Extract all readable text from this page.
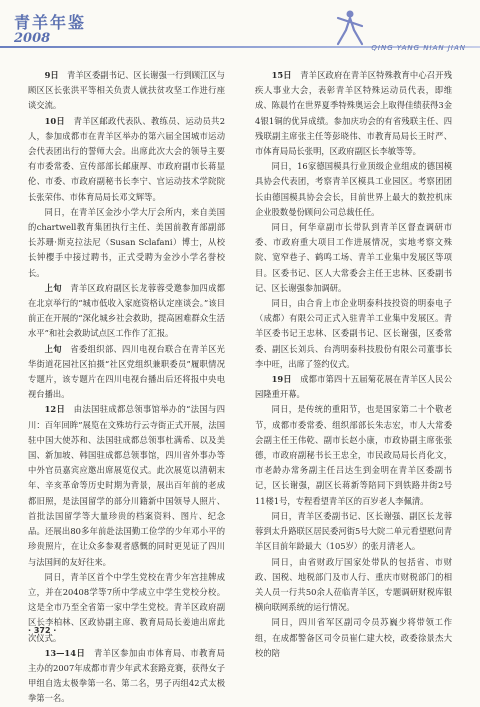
青羊年鉴
2008
QING YANG NIAN JIAN

9日　 青羊区委副书记、区长谢强一行到顾江区与顾区区长张洪平等相关负责人就扶贫攻坚工作进行座谈交流。

10日　 青羊区邮政代表队、教练员、运动员共2人，参加成都市在青羊区举办的第六届全国城市运动会代表团出行的誓师大会。出席此次大会的领导主要有市委常委、宣传部部长邮康厚、市政府副市长蒋显伦、市委、市政府副秘书长李宁、官运动技术学院院长张荣伟、市体育局局长邓文辉等。

同日，在青羊区金沙小学大厅会所内，来自美国的chartwell教育集团执行主任、美国前教育部副部长苏珊·斯克拉法尼（Susan Sclafani）博士，从校长钟樱手中接过聘书，正式受聘为金沙小学名誉校长。

上旬　 青羊区政府副区长龙蓉蓉受邀参加四成都在北京举行的“城市低收入家庭资格认定座谈会。”该目前正在开展的“深化城乡社会救助，提高困难群众生活水平”和社会救助试点区工作作了汇报。

上旬　 省委组织部、四川电视台联合在青羊区光华街道花园社区拍摄“社区党组织兼职委员”履职情况专题片，该专题片在四川电视台播出后还将报中央电视台播出。

12日　 由法国驻成都总领事馆举办的“法国与四川：百年回眸”展览在文殊坊行云寺街正式开展，法国驻中国大使苏和、法国驻成都总领事杜满希、以及美国、新加坡、韩国驻成都总领事馆，四川省外事办等中外官员嘉宾应邀出席展览仪式。此次展览以清朝末年、辛亥革命等历史时期为背景，展出百年前的老成都旧照，是法国留学的部分川籍新中国领导人照片、首批法国留学等大量珍贵的档案资料、图片、纪念品。还展出80多年前赴法国勤工俭学的少年邓小平的珍贵照片，在让众多参观者感慨的同时更见证了四川与法国间的友好往来。

同日，青羊区首个中学生党校在青少年宫挂牌成立，并在20408学等7所中学成立中学生党校分校。这是全市乃至全省第一家中学生党校。青羊区政府副区长李柏林、区政协副主席、教育局局长姜迪出席此次仪式。

13—14日　 青羊区参加由市体育局、市教育局主办的2007年成都市青少年武术套路竞赛，获得女子甲组自选太极拳第一名、第二名，男子丙组42式太极拳第一名。

15日　 青羊区政府在青羊区特殊教育中心召开残疾人事业大会，表彰青羊区特殊运动员代表，即维成、陈晨竹在世界夏季特殊奥运会上取得佳绩获得3金4银1铜的优异成绩。参加庆功会的有省残联主任、四残联副主席张主任等彭晓伟、市教育局局长王时严、市体育局局长张明，区政府副区长李敏等等。

同日，16家德国模具行业顶级企业组成的德国模具协会代表团，考察青羊区模具工业园区。考察团团长由德国模具协会会长，目前世界上最大的数控机床企业股数曼份顾问公司总裁任任。

同日，何华章副市长带队到青羊区督查调研市委、市政府重大项目工作进展情况，实地考察文殊院、宽窄巷子、鹤鸣工场、青羊工业集中发展区等项目。区委书记、区人大常委会主任王忠林、区委副书记、区长谢强参加调研。

同日，由合肯上市企业明泰科技投资的明泰电子（成都）有限公司正式入驻青羊工业集中发展区。青羊区委书记王忠林、区委副书记、区长谢强，区委常委、副区长刘兵、台湾明泰科技股份有限公司董事长李中旺，出席了签约仪式。

19日　 成都市第四十五届菊花展在青羊区人民公园隆重开幕。

同日，是传统的重阳节，也是国家第二十个敬老节，成都市委常委、组织部部长朱志宏，市人大常委会副主任王伟乾、副市长赵小康，市政协副主席张张德，市政府副秘书长王忠全，市民政局局长肖化文，市老龄办常务副主任吕达生到金明在青羊区委副书记，区长谢强，副区长蒋新等陪同下到铁路井街2号11楼1号，专程看望青羊区的百岁老人李佩清。

同日，青羊区委副书记、区长谢强、副区长龙蓉蓉到太升路联区居民委河街5号大院二单元看望慰问青羊区目前年龄最大（105岁）的张月清老人。

同日，由省财政厅国家处带队的包括省、市财政、国税、地税部门及市人行、重庆市财税部门的相关人员一行共50余人莅临青羊区，专题调研财税库银横向联网系统的运行情况。

同日，四川省军区副司令员苏巍少将带领工作组，在成都警备区司令员崔仁建大校，政委徐景杰大校的陪

· 372 ·
